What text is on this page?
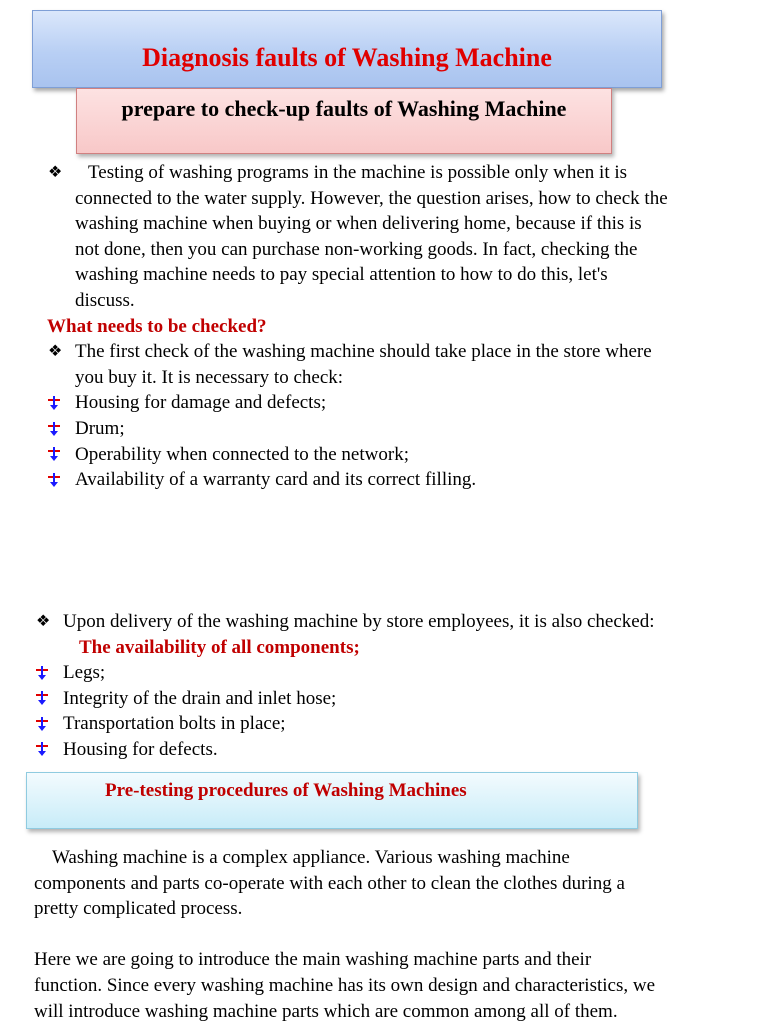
Diagnosis faults of Washing Machine
prepare to check-up faults of Washing Machine
❖ Testing of washing programs in the machine is possible only when it is
connected to the water supply. However, the question arises, how to check the
washing machine when buying or when delivering home, because if this is
not done, then you can purchase non-working goods. In fact, checking the
washing machine needs to pay special attention to how to do this, let's
discuss.
What needs to be checked?
❖ The first check of the washing machine should take place in the store where
you buy it. It is necessary to check:
Housing for damage and defects;
Drum;
Operability when connected to the network;
Availability of a warranty card and its correct filling.
❖ Upon delivery of the washing machine by store employees, it is also checked:
The availability of all components;
Legs;
Integrity of the drain and inlet hose;
Transportation bolts in place;
Housing for defects.
Pre-testing procedures of Washing Machines
Washing machine is a complex appliance. Various washing machine
components and parts co-operate with each other to clean the clothes during a
pretty complicated process.
Here we are going to introduce the main washing machine parts and their
function. Since every washing machine has its own design and characteristics, we
will introduce washing machine parts which are common among all of them.
